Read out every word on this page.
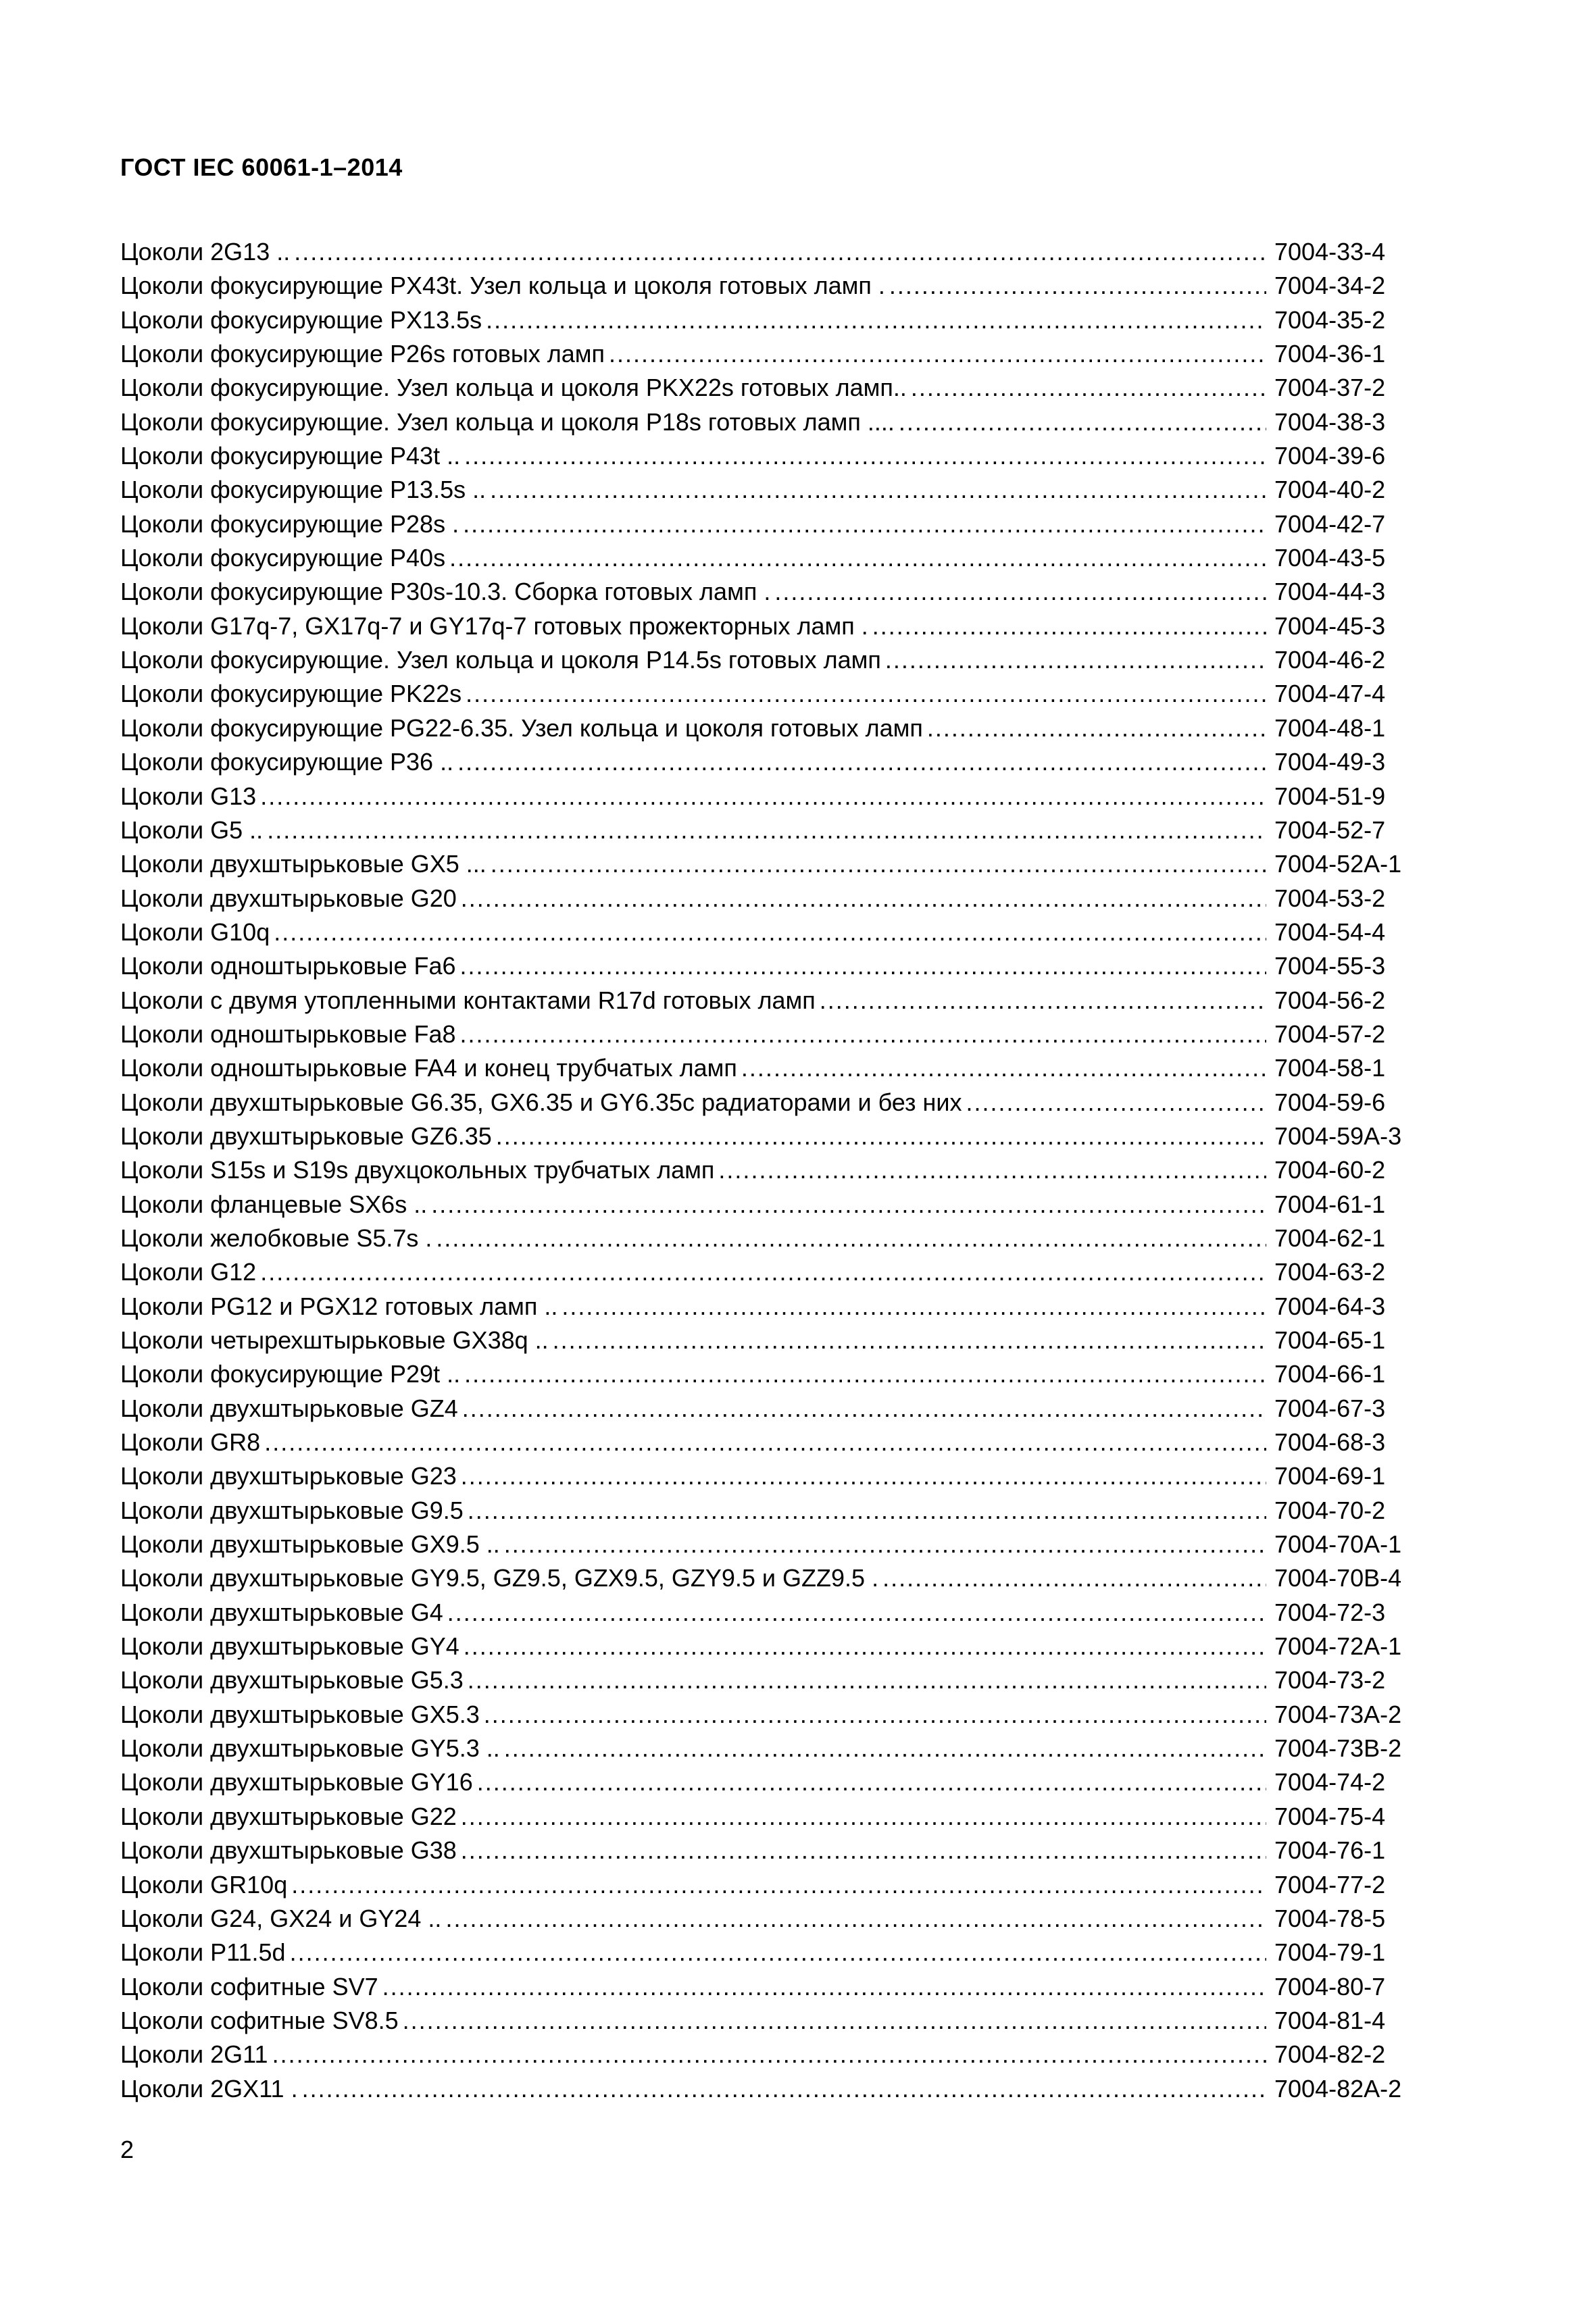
ГОСТ IEC 60061-1–2014
Цоколи 2G13 .. . . .	7004-33-4
Цоколи фокусирующие PX43t. Узел кольца и цоколя готовых ламп . . . .	7004-34-2
Цоколи фокусирующие PX13.5s . . .	7004-35-2
Цоколи фокусирующие P26s готовых ламп . . .	7004-36-1
Цоколи фокусирующие. Узел кольца и цоколя PKX22s готовых ламп.. . . .	7004-37-2
Цоколи фокусирующие. Узел кольца и цоколя P18s готовых ламп .... . . .	7004-38-3
Цоколи фокусирующие P43t .. . . .	7004-39-6
Цоколи фокусирующие P13.5s .. . . .	7004-40-2
Цоколи фокусирующие P28s . . . .	7004-42-7
Цоколи фокусирующие P40s . . .	7004-43-5
Цоколи фокусирующие P30s-10.3. Сборка готовых ламп . . . .	7004-44-3
Цоколи G17q-7, GX17q-7 и GY17q-7 готовых прожекторных ламп . . . .	7004-45-3
Цоколи фокусирующие. Узел кольца и цоколя P14.5s готовых ламп . . .	7004-46-2
Цоколи фокусирующие PK22s . . .	7004-47-4
Цоколи фокусирующие PG22-6.35. Узел кольца и цоколя готовых ламп . . .	7004-48-1
Цоколи фокусирующие P36 .. . . .	7004-49-3
Цоколи G13 . . .	7004-51-9
Цоколи G5 .. . . .	7004-52-7
Цоколи двухштырьковые GX5 ... . . .	7004-52A-1
Цоколи двухштырьковые G20 . . .	7004-53-2
Цоколи G10q . . .	7004-54-4
Цоколи одноштырьковые Fa6 . . .	7004-55-3
Цоколи с двумя утопленными контактами R17d готовых ламп . . .	7004-56-2
Цоколи одноштырьковые Fa8 . . .	7004-57-2
Цоколи одноштырьковые FA4 и конец трубчатых ламп . . .	7004-58-1
Цоколи двухштырьковые G6.35, GX6.35 и GY6.35c радиаторами и без них . . .	7004-59-6
Цоколи двухштырьковые GZ6.35 . . .	7004-59A-3
Цоколи S15s и S19s двухцокольных трубчатых ламп . . .	7004-60-2
Цоколи фланцевые SX6s .. . . .	7004-61-1
Цоколи желобковые S5.7s . . . .	7004-62-1
Цоколи G12 . . .	7004-63-2
Цоколи PG12 и PGX12 готовых ламп .. . . .	7004-64-3
Цоколи четырехштырьковые GX38q .. . . .	7004-65-1
Цоколи фокусирующие P29t .. . . .	7004-66-1
Цоколи двухштырьковые GZ4 . . .	7004-67-3
Цоколи GR8 . . .	7004-68-3
Цоколи двухштырьковые G23 . . .	7004-69-1
Цоколи двухштырьковые G9.5 . . .	7004-70-2
Цоколи двухштырьковые GX9.5 .. . . .	7004-70A-1
Цоколи двухштырьковые GY9.5, GZ9.5, GZX9.5, GZY9.5 и GZZ9.5 . . . .	7004-70B-4
Цоколи двухштырьковые G4 . . .	7004-72-3
Цоколи двухштырьковые GY4 . . .	7004-72A-1
Цоколи двухштырьковые G5.3 . . .	7004-73-2
Цоколи двухштырьковые GX5.3 . . .	7004-73A-2
Цоколи двухштырьковые GY5.3 .. . . .	7004-73B-2
Цоколи двухштырьковые GY16 . . .	7004-74-2
Цоколи двухштырьковые G22 . . .	7004-75-4
Цоколи двухштырьковые G38 . . .	7004-76-1
Цоколи GR10q . . .	7004-77-2
Цоколи G24, GX24 и GY24 .. . . .	7004-78-5
Цоколи P11.5d . . .	7004-79-1
Цоколи софитные SV7 . . .	7004-80-7
Цоколи софитные SV8.5 . . .	7004-81-4
Цоколи 2G11 . . .	7004-82-2
Цоколи 2GX11 . . . .	7004-82A-2
2
